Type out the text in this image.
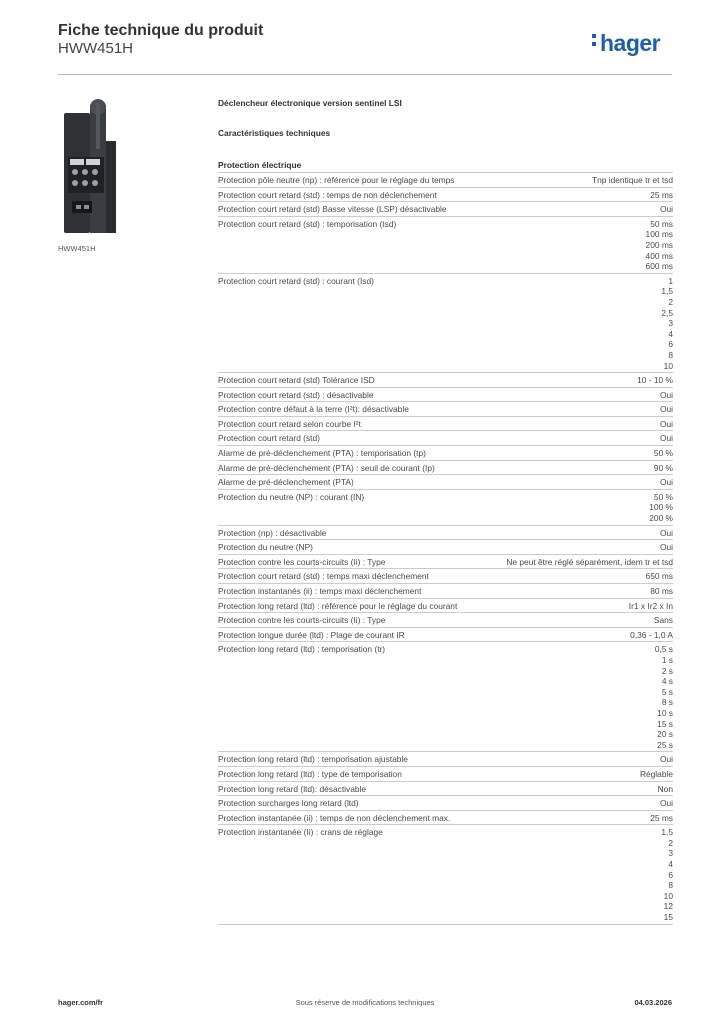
Fiche technique du produit
HWW451H	hager
HWW451H
Déclencheur électronique version sentinel LSI
Caractéristiques techniques
Protection électrique
Protection pôle neutre (np) : référence pour le réglage du temps	Tnp identique tr et tsd
Protection court retard (std) : temps de non déclenchement	25 ms
Protection court retard (std) Basse vitesse (LSP) désactivable	Oui
Protection court retard (std) : temporisation (tsd)	50 ms
100 ms
200 ms
400 ms
600 ms
Protection court retard (std) : courant (Isd)	1
1,5
2
2,5
3
4
6
8
10
Protection court retard (std) Tolérance ISD	10 - 10 %
Protection court retard (std) : désactivable	Oui
Protection contre défaut à la terre (I²t): désactivable	Oui
Protection court retard selon courbe I²t	Oui
Protection court retard (std)	Oui
Alarme de pré-déclenchement (PTA) : temporisation (tp)	50 %
Alarme de pré-déclenchement (PTA) : seuil de courant (Ip)	90 %
Alarme de pré-déclenchement (PTA)	Oui
Protection du neutre (NP) : courant (IN)	50 %
100 %
200 %
Protection (np) : désactivable	Oui
Protection du neutre (NP)	Oui
Protection contre les courts-circuits (Ii) : Type	Ne peut être réglé séparément, idem tr et tsd
Protection court retard (std) : temps maxi déclenchement	650 ms
Protection instantanés (ii) : temps maxi déclenchement	80 ms
Protection long retard (ltd) : référence pour le réglage du courant	Ir1 x Ir2 x In
Protection contre les courts-circuits (Ii) : Type	Sans
Protection longue durée (ltd) : Plage de courant IR	0,36 - 1,0 A
Protection long retard (ltd) : temporisation (tr)	0,5 s
1 s
2 s
4 s
5 s
8 s
10 s
15 s
20 s
25 s
Protection long retard (ltd) : temporisation ajustable	Oui
Protection long retard (ltd) : type de temporisation	Réglable
Protection long retard (ltd): désactivable	Non
Protection surcharges long retard (ltd)	Oui
Protection instantanée (ii) : temps de non déclenchement max.	25 ms
Protection instantanée (Ii) : crans de réglage	1,5
2
3
4
6
8
10
12
15
hager.com/fr	Sous réserve de modifications techniques	04.03.2026
